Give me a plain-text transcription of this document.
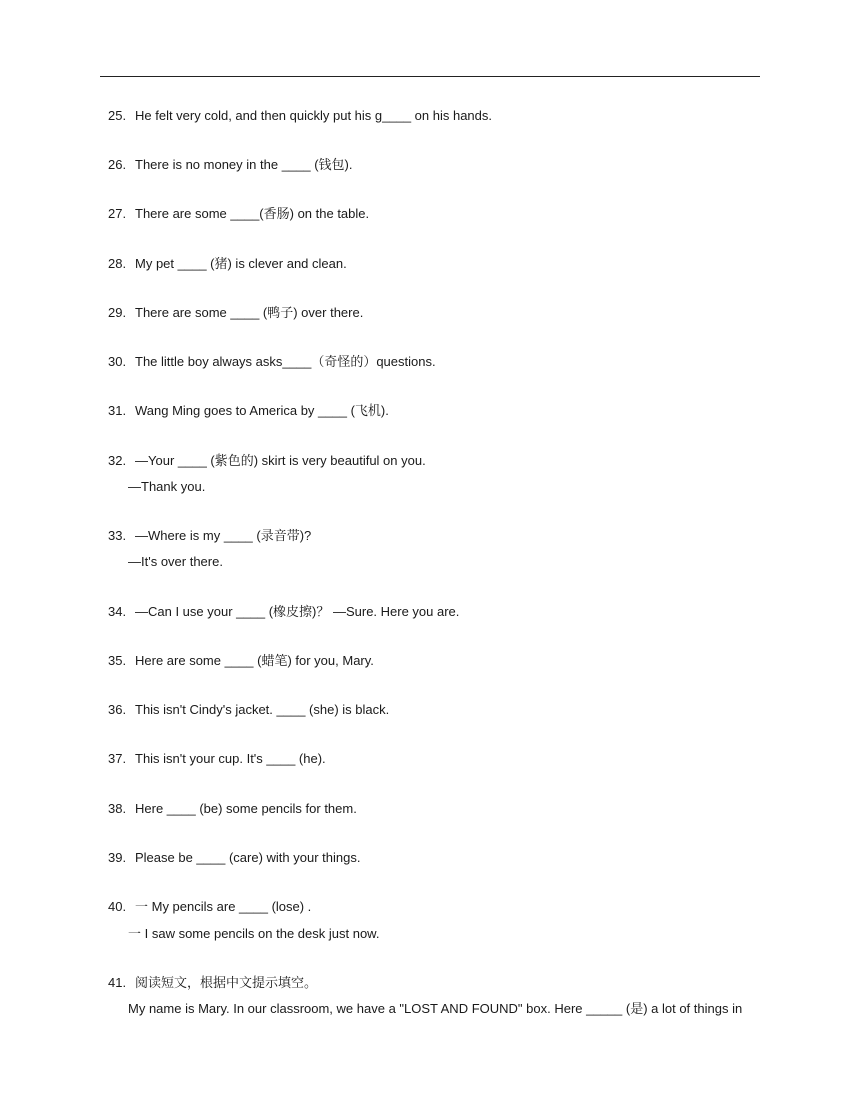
25. He felt very cold, and then quickly put his g____ on his hands.
26. There is no money in the ____ (钱包).
27. There are some ____(香肠) on the table.
28. My pet ____ (猪) is clever and clean.
29. There are some ____ (鸭子) over there.
30. The little boy always asks____（奇怪的）questions.
31. Wang Ming goes to America by ____ (飞机).
32. —Your ____ (紫色的) skirt is very beautiful on you.
—Thank you.
33. —Where is my ____ (录音带)?
—It's over there.
34. —Can I use your ____ (橡皮擦)？ —Sure. Here you are.
35. Here are some ____ (蜡笔) for you, Mary.
36. This isn't Cindy's jacket. ____ (she) is black.
37. This isn't your cup. It's ____ (he).
38. Here ____ (be) some pencils for them.
39. Please be ____ (care) with your things.
40. 一 My pencils are ____ (lose) .
一 I saw some pencils on the desk just now.
41. 阅读短文，根据中文提示填空。
My name is Mary. In our classroom, we have a "LOST AND FOUND" box. Here _____ (是) a lot of things in
